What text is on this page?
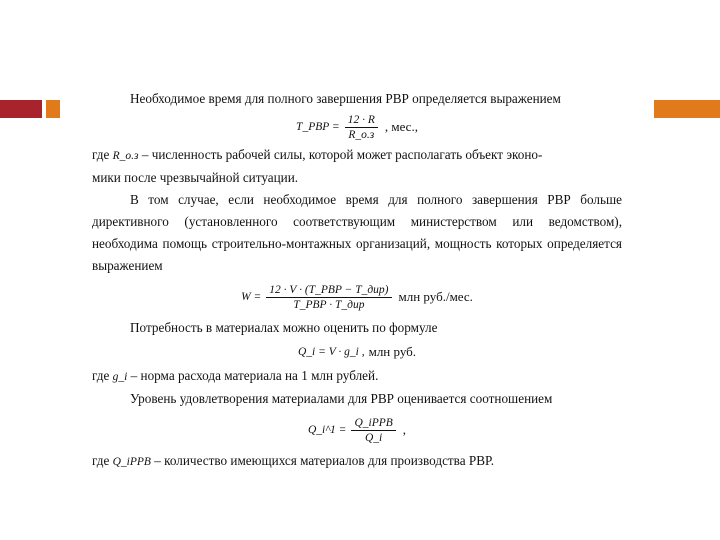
Необходимое время для полного завершения РВР определяется выражением

T_PBP = $\frac{12 \cdot R}{R\_o.з}$ , мес.,

где R_o.з – численность рабочей силы, которой может располагать объект эконо-

мики после чрезвычайной ситуации.

В том случае, если необходимое время для полного завершения РВР больше директивного (установленного соответствующим министерством или ведомством), необходима помощь строительно-монтажных организаций, мощность которых определяется выражением

$W = \frac{\text{12 · V · (T\_PBP − T\_дир)}}{\text{T\_PBP · T\_дир}}$ млн руб./мес.

Потребность в материалах можно оценить по формуле

Q_i = V · g_i , млн руб.

где g_i – норма расхода материала на 1 млн рублей.

Уровень удовлетворения материалами для РВР оценивается соотношением

Q_i^1 = $\frac{\text{Q\_iPPB}}{Q\_i}$ ,

где Q_iPPB – количество имеющихся материалов для производства РВР.
